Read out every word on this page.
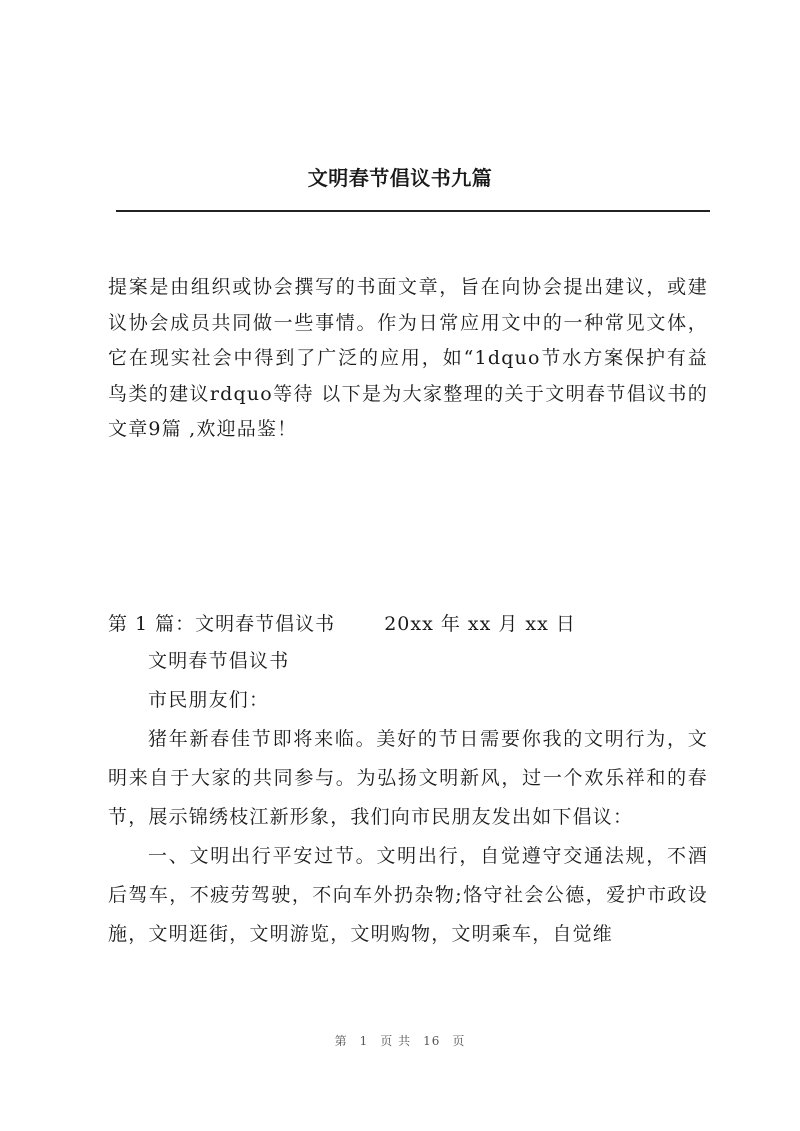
文明春节倡议书九篇

提案是由组织或协会撰写的书面文章，旨在向协会提出建议，或建议协会成员共同做一些事情。作为日常应用文中的一种常见文体，它在现实社会中得到了广泛的应用，如“1dquo节水方案保护有益鸟类的建议rdquo等待 以下是为大家整理的关于文明春节倡议书的文章9篇 ,欢迎品鉴！

第 1 篇：文明春节倡议书	20xx 年 xx 月 xx 日

文明春节倡议书

市民朋友们：

猪年新春佳节即将来临。美好的节日需要你我的文明行为，文明来自于大家的共同参与。为弘扬文明新风，过一个欢乐祥和的春节，展示锦绣枝江新形象，我们向市民朋友发出如下倡议：

一、文明出行平安过节。文明出行，自觉遵守交通法规，不酒后驾车，不疲劳驾驶，不向车外扔杂物;恪守社会公德，爱护市政设施，文明逛街，文明游览，文明购物，文明乘车，自觉维

第 1 页 共 16 页
